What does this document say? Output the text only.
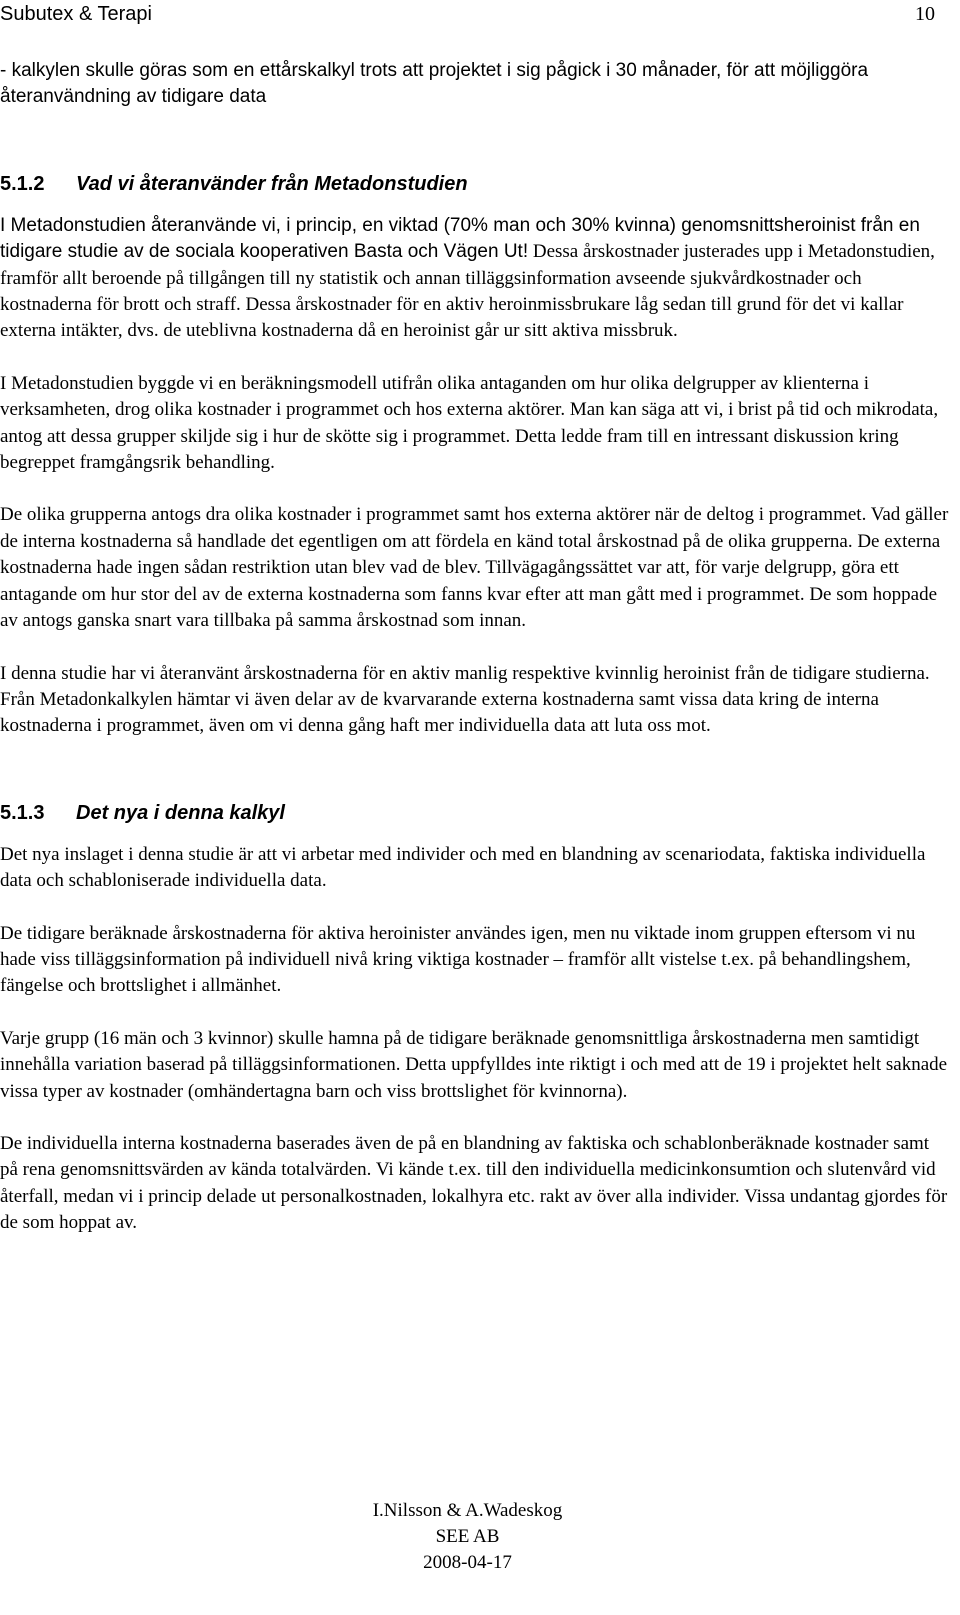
Subutex & Terapi	10

- kalkylen skulle göras som en ettårskalkyl trots att projektet i sig pågick i 30 månader, för att möjliggöra återanvändning av tidigare data

5.1.2 Vad vi återanvänder från Metadonstudien

I Metadonstudien återanvände vi, i princip, en viktad (70% man och 30% kvinna) genomsnittsheroinist från en tidigare studie av de sociala kooperativen Basta och Vägen Ut! Dessa årskostnader justerades upp i Metadonstudien, framför allt beroende på tillgången till ny statistik och annan tilläggsinformation avseende sjukvårdkostnader och kostnaderna för brott och straff. Dessa årskostnader för en aktiv heroinmissbrukare låg sedan till grund för det vi kallar externa intäkter, dvs. de uteblivna kostnaderna då en heroinist går ur sitt aktiva missbruk.

I Metadonstudien byggde vi en beräkningsmodell utifrån olika antaganden om hur olika delgrupper av klienterna i verksamheten, drog olika kostnader i programmet och hos externa aktörer. Man kan säga att vi, i brist på tid och mikrodata, antog att dessa grupper skiljde sig i hur de skötte sig i programmet. Detta ledde fram till en intressant diskussion kring begreppet framgångsrik behandling.

De olika grupperna antogs dra olika kostnader i programmet samt hos externa aktörer när de deltog i programmet. Vad gäller de interna kostnaderna så handlade det egentligen om att fördela en känd total årskostnad på de olika grupperna. De externa kostnaderna hade ingen sådan restriktion utan blev vad de blev. Tillvägagångssättet var att, för varje delgrupp, göra ett antagande om hur stor del av de externa kostnaderna som fanns kvar efter att man gått med i programmet. De som hoppade av antogs ganska snart vara tillbaka på samma årskostnad som innan.

I denna studie har vi återanvänt årskostnaderna för en aktiv manlig respektive kvinnlig heroinist från de tidigare studierna. Från Metadonkalkylen hämtar vi även delar av de kvarvarande externa kostnaderna samt vissa data kring de interna kostnaderna i programmet, även om vi denna gång haft mer individuella data att luta oss mot.

5.1.3 Det nya i denna kalkyl

Det nya inslaget i denna studie är att vi arbetar med individer och med en blandning av scenariodata, faktiska individuella data och schabloniserade individuella data.

De tidigare beräknade årskostnaderna för aktiva heroinister användes igen, men nu viktade inom gruppen eftersom vi nu hade viss tilläggsinformation på individuell nivå kring viktiga kostnader – framför allt vistelse t.ex. på behandlingshem, fängelse och brottslighet i allmänhet.

Varje grupp (16 män och 3 kvinnor) skulle hamna på de tidigare beräknade genomsnittliga årskostnaderna men samtidigt innehålla variation baserad på tilläggsinformationen. Detta uppfylldes inte riktigt i och med att de 19 i projektet helt saknade vissa typer av kostnader (omhändertagna barn och viss brottslighet för kvinnorna).

De individuella interna kostnaderna baserades även de på en blandning av faktiska och schablonberäknade kostnader samt på rena genomsnittsvärden av kända totalvärden. Vi kände t.ex. till den individuella medicinkonsumtion och slutenvård vid återfall, medan vi i princip delade ut personalkostnaden, lokalhyra etc. rakt av över alla individer. Vissa undantag gjordes för de som hoppat av.

I.Nilsson & A.Wadeskog
SEE AB
2008-04-17
